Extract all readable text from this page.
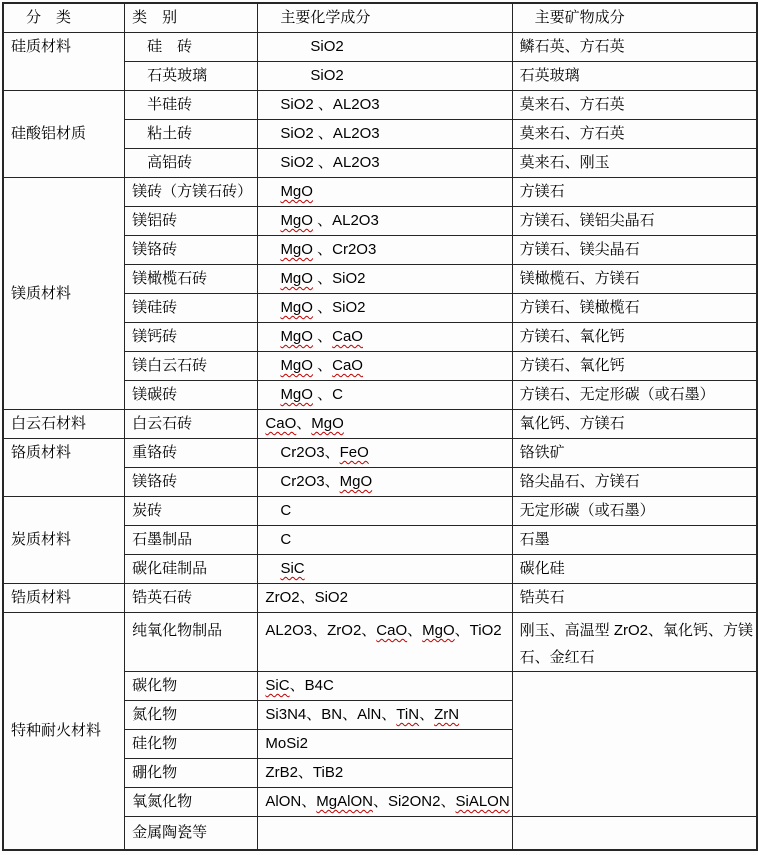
　分　类	类　别	　主要化学成分	　主要矿物成分
硅质材料	　硅　砖	　　　SiO2	鳞石英、方石英
	　石英玻璃	　　　SiO2	石英玻璃
硅酸铝材质	　半硅砖	　SiO2 、AL2O3	莫来石、方石英
	　粘土砖	　SiO2 、AL2O3	莫来石、方石英
	　高铝砖	　SiO2 、AL2O3	莫来石、刚玉
镁质材料	镁砖（方镁石砖）	　MgO	方镁石
	镁铝砖	　MgO 、AL2O3	方镁石、镁铝尖晶石
	镁铬砖	　MgO 、Cr2O3	方镁石、镁尖晶石
	镁橄榄石砖	　MgO 、SiO2	镁橄榄石、方镁石
	镁硅砖	　MgO 、SiO2	方镁石、镁橄榄石
	镁钙砖	　MgO 、CaO	方镁石、氧化钙
	镁白云石砖	　MgO 、CaO	方镁石、氧化钙
	镁碳砖	　MgO 、C	方镁石、无定形碳（或石墨）
白云石材料	白云石砖	CaO、MgO	氧化钙、方镁石
铬质材料	重铬砖	　Cr2O3、FeO	铬铁矿
	镁铬砖	　Cr2O3、MgO	铬尖晶石、方镁石
炭质材料	炭砖	　C	无定形碳（或石墨）
	石墨制品	　C	石墨
	碳化硅制品	　SiC	碳化硅
锆质材料	锆英石砖	ZrO2、SiO2	锆英石
特种耐火材料	纯氧化物制品	AL2O3、ZrO2、CaO、MgO、TiO2	刚玉、高温型 ZrO2、氧化钙、方镁石、金红石
	碳化物	SiC、B4C	
	氮化物	Si3N4、BN、AlN、TiN、ZrN	
	硅化物	MoSi2	
	硼化物	ZrB2、TiB2	
	氧氮化物	AlON、MgAlON、Si2ON2、SiALON	
	金属陶瓷等		
